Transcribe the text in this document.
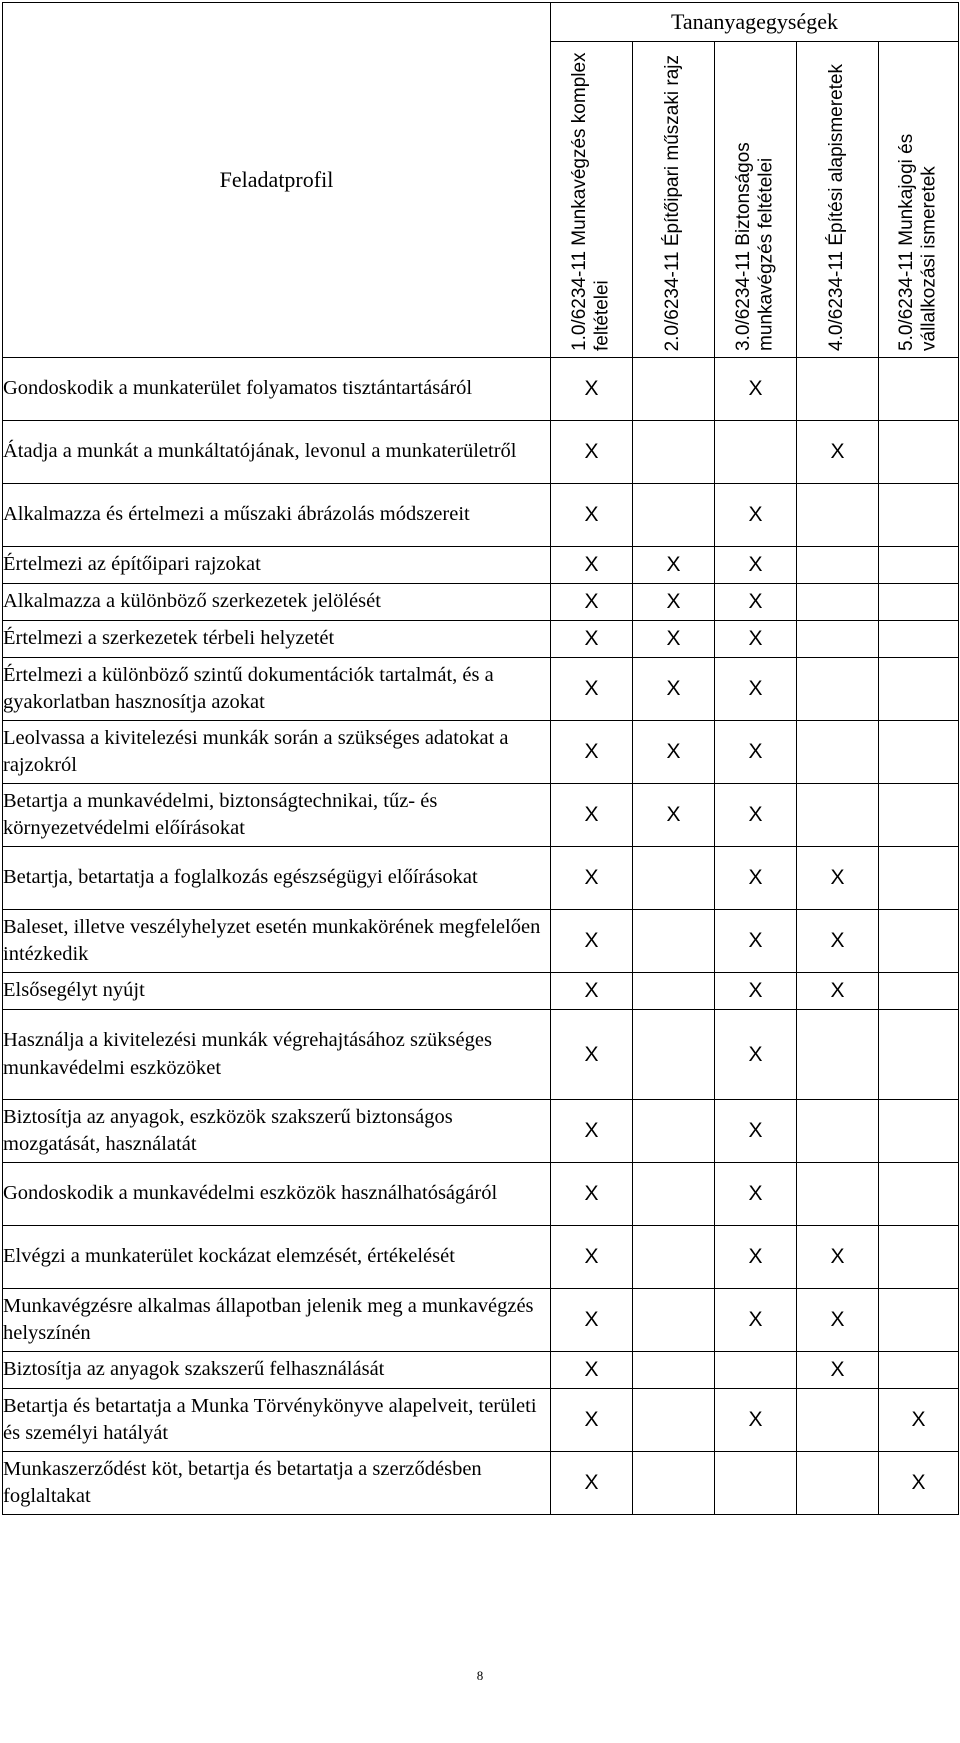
Feladatprofil	Tananyagegységek				

	1.0/6234-11 Munkavégzés komplex feltételei	2.0/6234-11 Építőipari műszaki rajz	3.0/6234-11 Biztonságos munkavégzés feltételei	4.0/6234-11 Építési alapismeretek	5.0/6234-11 Munkajogi és vállalkozási ismeretek

Gondoskodik a munkaterület folyamatos tisztántartásáról	X		X		
Átadja a munkát a munkáltatójának, levonul a munkaterületről	X			X	
Alkalmazza és értelmezi a műszaki ábrázolás módszereit	X		X		
Értelmezi az építőipari rajzokat	X	X	X		
Alkalmazza a különböző szerkezetek jelölését	X	X	X		
Értelmezi a szerkezetek térbeli helyzetét	X	X	X		
Értelmezi a különböző szintű dokumentációk tartalmát, és a gyakorlatban hasznosítja azokat	X	X	X		
Leolvassa a kivitelezési munkák során a szükséges adatokat a rajzokról	X	X	X		
Betartja a munkavédelmi, biztonságtechnikai, tűz- és környezetvédelmi előírásokat	X	X	X		
Betartja, betartatja a foglalkozás egészségügyi előírásokat	X		X	X	
Baleset, illetve veszélyhelyzet esetén munkakörének megfelelően intézkedik	X		X	X	
Elsősegélyt nyújt	X		X	X	
Használja a kivitelezési munkák végrehajtásához szükséges munkavédelmi eszközöket	X		X		
Biztosítja az anyagok, eszközök szakszerű biztonságos mozgatását, használatát	X		X		
Gondoskodik a munkavédelmi eszközök használhatóságáról	X		X		
Elvégzi a munkaterület kockázat elemzését, értékelését	X		X	X	
Munkavégzésre alkalmas állapotban jelenik meg a munkavégzés helyszínén	X		X	X	
Biztosítja az anyagok szakszerű felhasználását	X			X	
Betartja és betartatja a Munka Törvénykönyve alapelveit, területi és személyi hatályát	X		X		X
Munkaszerződést köt, betartja és betartatja a szerződésben foglaltakat	X				X
8
